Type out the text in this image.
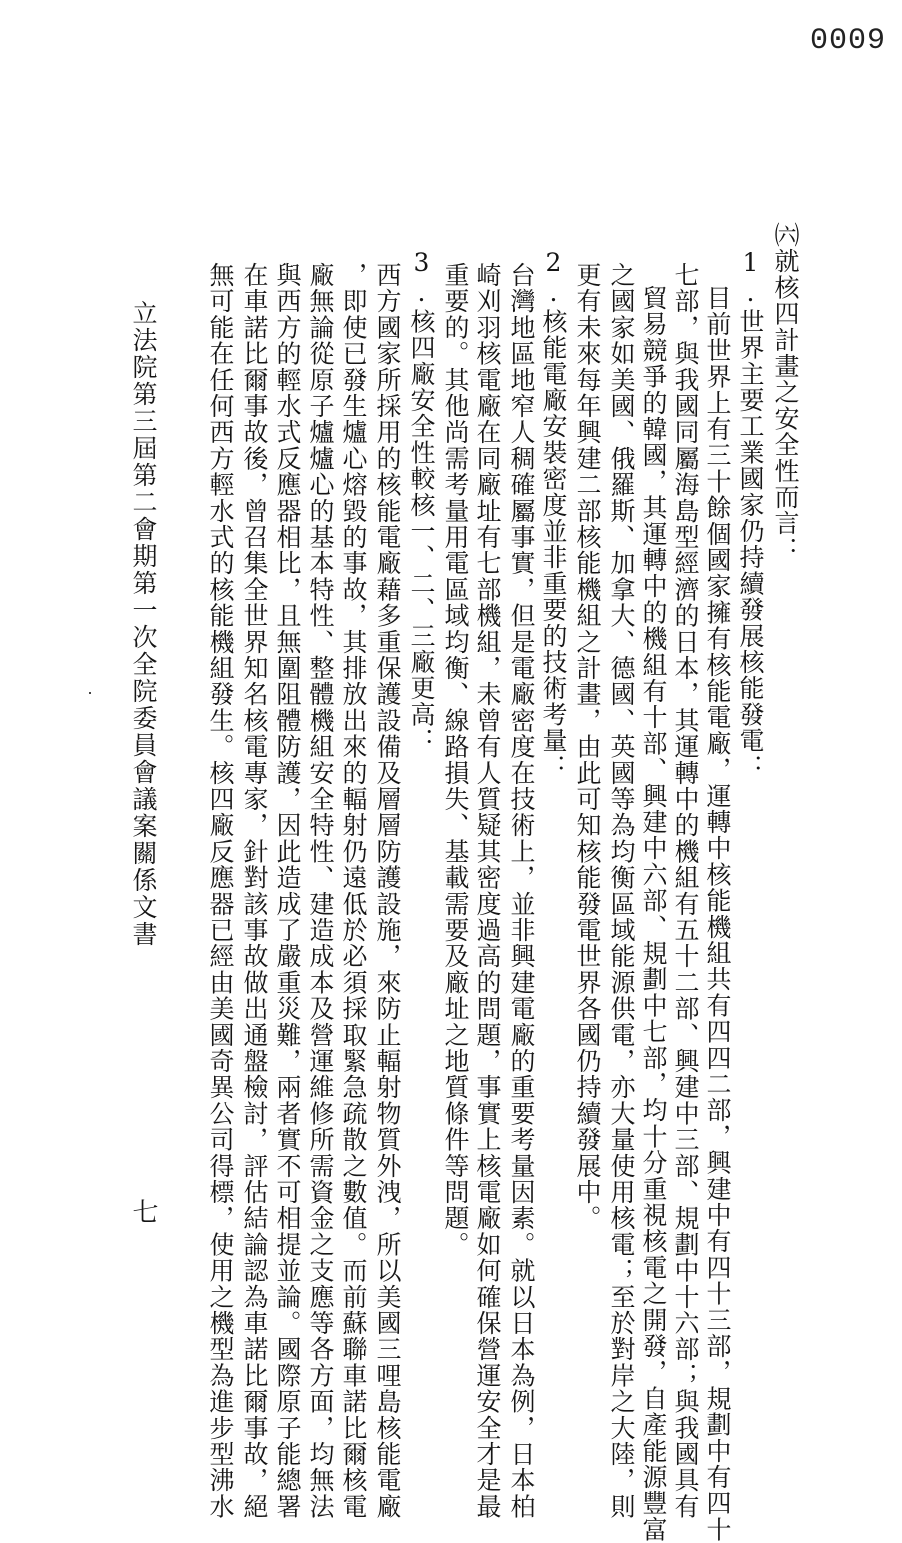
0009
㈥就核四計畫之安全性而言：
1.世界主要工業國家仍持續發展核能發電：
目前世界上有三十餘個國家擁有核能電廠，運轉中核能機組共有四四二部，興建中有四十三部，規劃中有四十
七部，與我國同屬海島型經濟的日本，其運轉中的機組有五十二部、興建中三部、規劃中十六部；與我國具有
貿易競爭的韓國，其運轉中的機組有十部、興建中六部、規劃中七部，均十分重視核電之開發，自產能源豐富
之國家如美國、俄羅斯、加拿大、德國、英國等為均衡區域能源供電，亦大量使用核電；至於對岸之大陸，則
更有未來每年興建二部核能機組之計畫，由此可知核能發電世界各國仍持續發展中。
2.核能電廠安裝密度並非重要的技術考量：
台灣地區地窄人稠確屬事實，但是電廠密度在技術上，並非興建電廠的重要考量因素。就以日本為例，日本柏
崎刈羽核電廠在同廠址有七部機組，未曾有人質疑其密度過高的問題，事實上核電廠如何確保營運安全才是最
重要的。其他尚需考量用電區域均衡、線路損失、基載需要及廠址之地質條件等問題。
3.核四廠安全性較核一、二、三廠更高：
西方國家所採用的核能電廠藉多重保護設備及層層防護設施，來防止輻射物質外洩，所以美國三哩島核能電廠
，即使已發生爐心熔毀的事故，其排放出來的輻射仍遠低於必須採取緊急疏散之數值。而前蘇聯車諾比爾核電
廠無論從原子爐爐心的基本特性、整體機組安全特性、建造成本及營運維修所需資金之支應等各方面，均無法
與西方的輕水式反應器相比，且無圍阻體防護，因此造成了嚴重災難，兩者實不可相提並論。國際原子能總署
在車諾比爾事故後，曾召集全世界知名核電專家，針對該事故做出通盤檢討，評估結論認為車諾比爾事故，絕
無可能在任何西方輕水式的核能機組發生。核四廠反應器已經由美國奇異公司得標，使用之機型為進步型沸水
立法院第三屆第二會期第一次全院委員會議案關係文書
七
